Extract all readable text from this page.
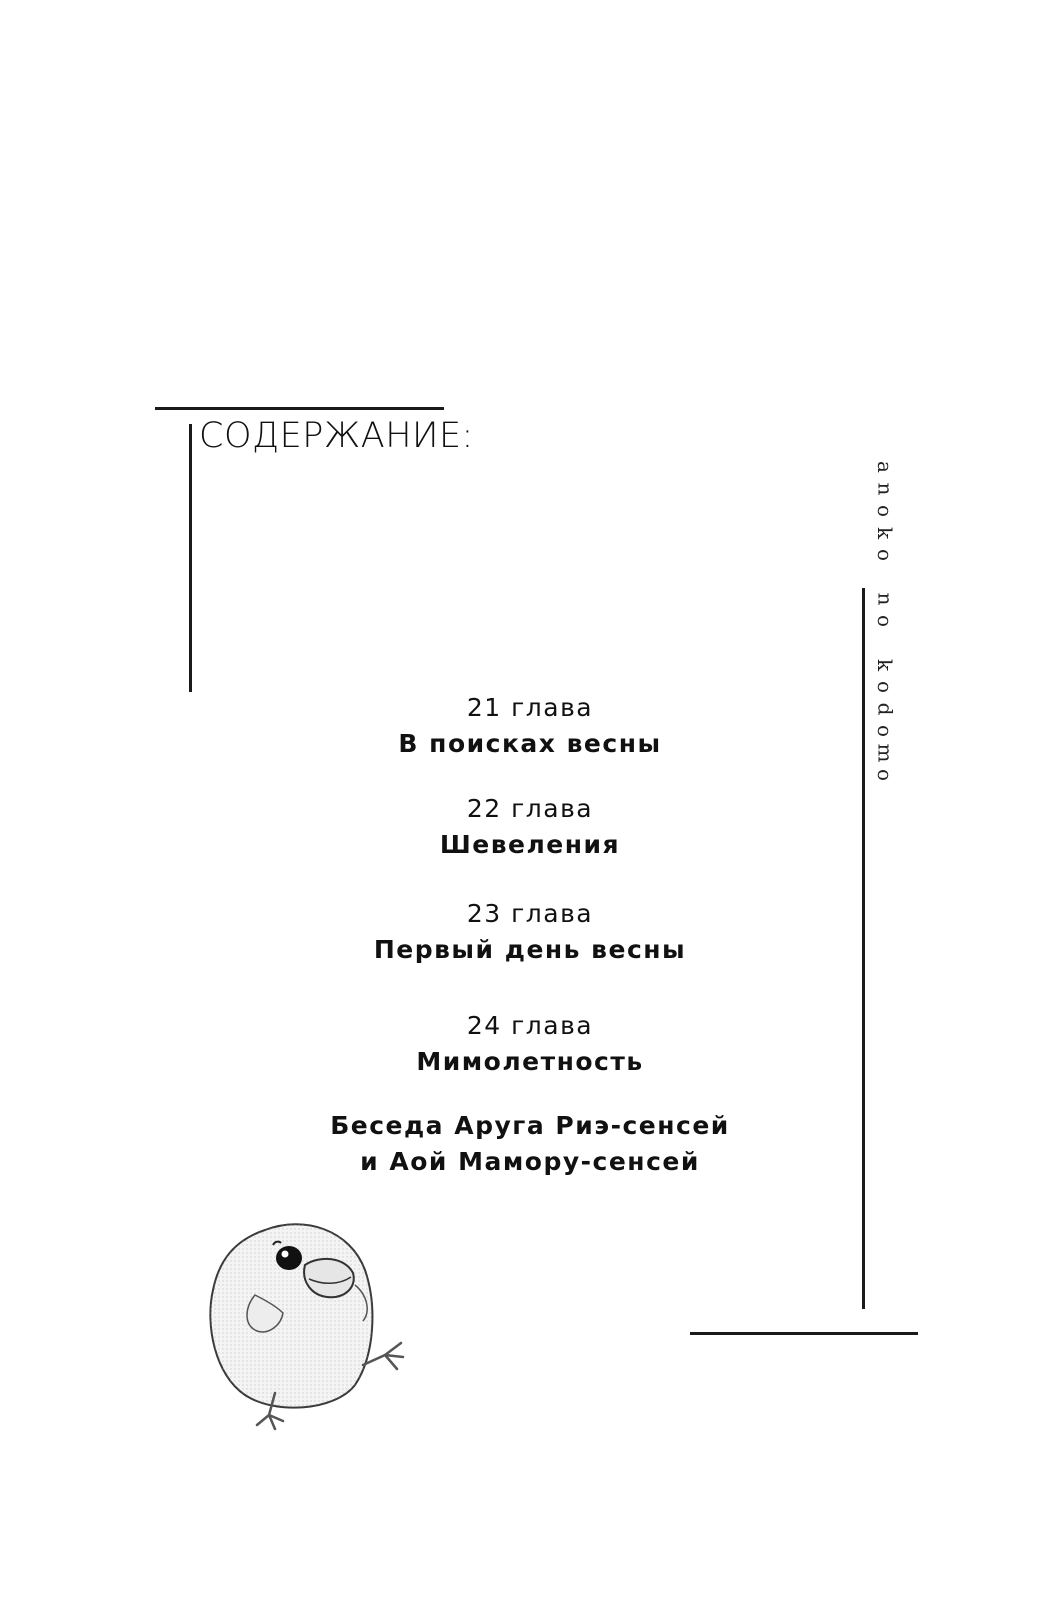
СОДЕРЖАНИЕ:
a
n
o
k
o

n
o

k
o
d
o
m
o
21 глава
В поисках весны
22 глава
Шевеления
23 глава
Первый день весны
24 глава
Мимолетность
Беседа Аруга Риэ-сенсей
и Аой Мамору-сенсей
